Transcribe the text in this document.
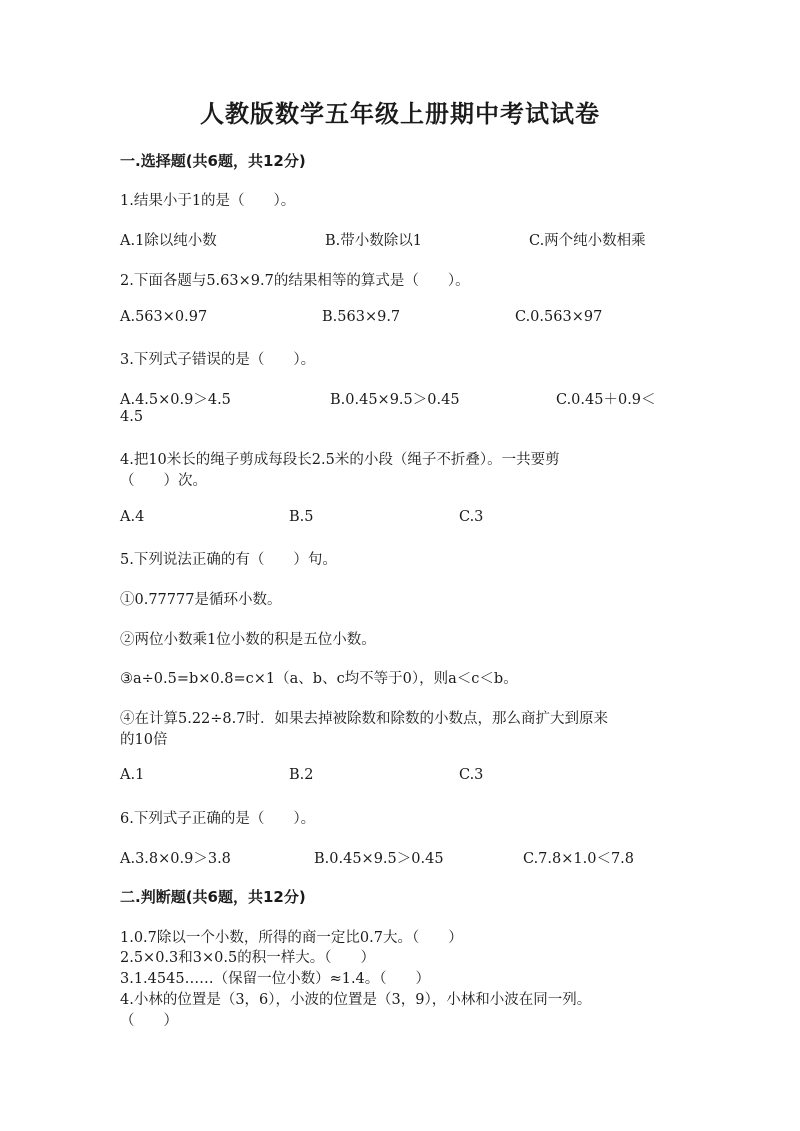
人教版数学五年级上册期中考试试卷
一.选择题(共6题，共12分)
1.结果小于1的是（　　）。
A.1除以纯小数	B.带小数除以1	C.两个纯小数相乘
2.下面各题与5.63×9.7的结果相等的算式是（　　）。
A.563×0.97	B.563×9.7	C.0.563×97
3.下列式子错误的是（　　）。
A.4.5×0.9＞4.5	B.0.45×9.5＞0.45	C.0.45＋0.9＜
4.5
4.把10米长的绳子剪成每段长2.5米的小段（绳子不折叠）。一共要剪
（　　）次。
A.4	B.5	C.3
5.下列说法正确的有（　　）句。
①0.77777是循环小数。
②两位小数乘1位小数的积是五位小数。
③a÷0.5=b×0.8=c×1（a、b、c均不等于0），则a＜c＜b。
④在计算5.22÷8.7时．如果去掉被除数和除数的小数点，那么商扩大到原来
的10倍
A.1	B.2	C.3
6.下列式子正确的是（　　）。
A.3.8×0.9＞3.8	B.0.45×9.5＞0.45	C.7.8×1.0＜7.8
二.判断题(共6题，共12分)
1.0.7除以一个小数，所得的商一定比0.7大。（　　）
2.5×0.3和3×0.5的积一样大。（　　）
3.1.4545……（保留一位小数）≈1.4。（　　）
4.小林的位置是（3，6），小波的位置是（3，9），小林和小波在同一列。
（　　）
